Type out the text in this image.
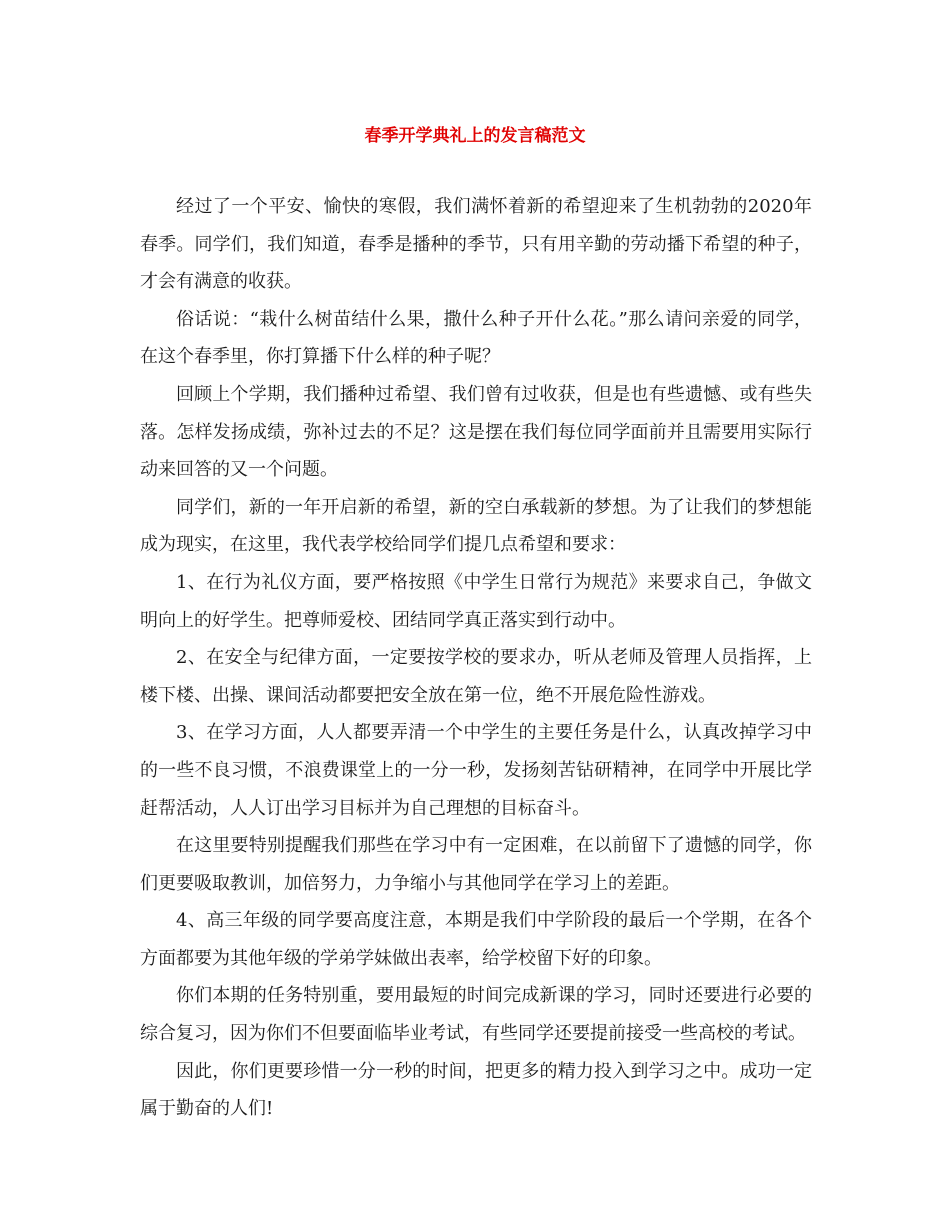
春季开学典礼上的发言稿范文

经过了一个平安、愉快的寒假，我们满怀着新的希望迎来了生机勃勃的2020年春季。同学们，我们知道，春季是播种的季节，只有用辛勤的劳动播下希望的种子，才会有满意的收获。

俗话说：“栽什么树苗结什么果，撒什么种子开什么花。”那么请问亲爱的同学，在这个春季里，你打算播下什么样的种子呢？

回顾上个学期，我们播种过希望、我们曾有过收获，但是也有些遗憾、或有些失落。怎样发扬成绩，弥补过去的不足？这是摆在我们每位同学面前并且需要用实际行动来回答的又一个问题。

同学们，新的一年开启新的希望，新的空白承载新的梦想。为了让我们的梦想能成为现实，在这里，我代表学校给同学们提几点希望和要求：

1、在行为礼仪方面，要严格按照《中学生日常行为规范》来要求自己，争做文明向上的好学生。把尊师爱校、团结同学真正落实到行动中。

2、在安全与纪律方面，一定要按学校的要求办，听从老师及管理人员指挥，上楼下楼、出操、课间活动都要把安全放在第一位，绝不开展危险性游戏。

3、在学习方面，人人都要弄清一个中学生的主要任务是什么，认真改掉学习中的一些不良习惯，不浪费课堂上的一分一秒，发扬刻苦钻研精神，在同学中开展比学赶帮活动，人人订出学习目标并为自己理想的目标奋斗。

在这里要特别提醒我们那些在学习中有一定困难，在以前留下了遗憾的同学，你们更要吸取教训，加倍努力，力争缩小与其他同学在学习上的差距。

4、高三年级的同学要高度注意，本期是我们中学阶段的最后一个学期，在各个方面都要为其他年级的学弟学妹做出表率，给学校留下好的印象。

你们本期的任务特别重，要用最短的时间完成新课的学习，同时还要进行必要的综合复习，因为你们不但要面临毕业考试，有些同学还要提前接受一些高校的考试。

因此，你们更要珍惜一分一秒的时间，把更多的精力投入到学习之中。成功一定属于勤奋的人们!
